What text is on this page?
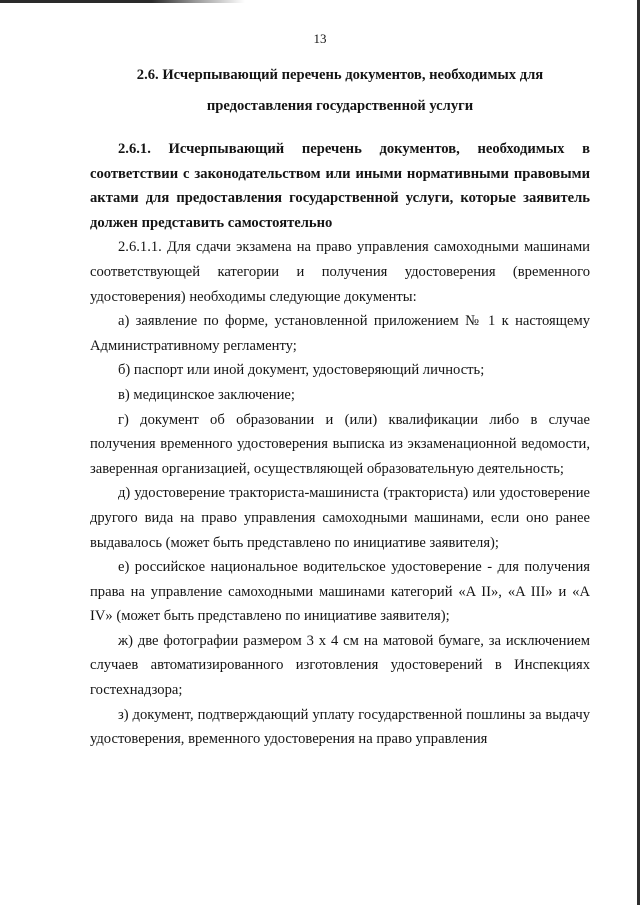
13
2.6. Исчерпывающий перечень документов, необходимых для предоставления государственной услуги

2.6.1. Исчерпывающий перечень документов, необходимых в соответствии с законодательством или иными нормативными правовыми актами для предоставления государственной услуги, которые заявитель должен представить самостоятельно

2.6.1.1. Для сдачи экзамена на право управления самоходными машинами соответствующей категории и получения удостоверения (временного удостоверения) необходимы следующие документы:

а) заявление по форме, установленной приложением № 1 к настоящему Административному регламенту;

б) паспорт или иной документ, удостоверяющий личность;

в) медицинское заключение;

г) документ об образовании и (или) квалификации либо в случае получения временного удостоверения выписка из экзаменационной ведомости, заверенная организацией, осуществляющей образовательную деятельность;

д) удостоверение тракториста-машиниста (тракториста) или удостоверение другого вида на право управления самоходными машинами, если оно ранее выдавалось (может быть представлено по инициативе заявителя);

е) российское национальное водительское удостоверение - для получения права на управление самоходными машинами категорий «A II», «A III» и «A IV» (может быть представлено по инициативе заявителя);

ж) две фотографии размером 3 х 4 см на матовой бумаге, за исключением случаев автоматизированного изготовления удостоверений в Инспекциях гостехнадзора;

з) документ, подтверждающий уплату государственной пошлины за выдачу удостоверения, временного удостоверения на право управления
